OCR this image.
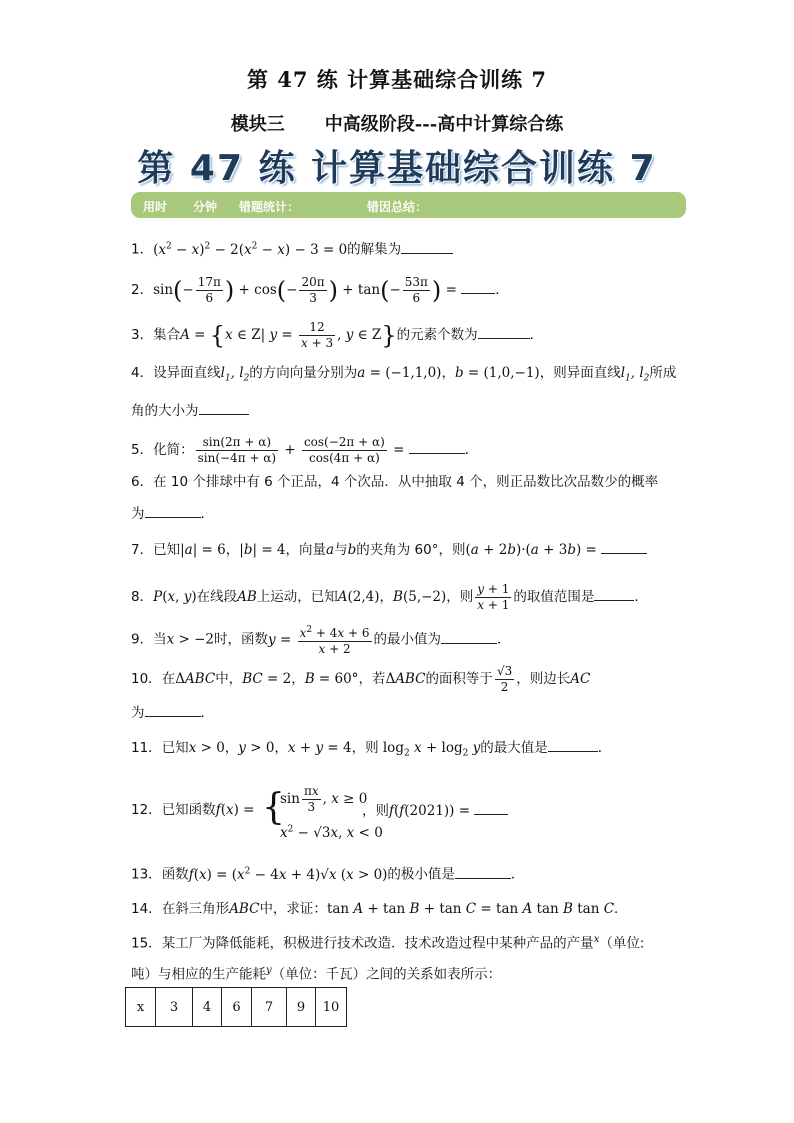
第 47 练 计算基础综合训练 7
模块三 中高级阶段---高中计算综合练
第 47 练 计算基础综合训练 7
用时 分钟 错题统计：	错因总结：
1．$(x^2 - x)^2 - 2(x^2 - x) - 3 = 0$的解集为
2．$\sin(- \frac{17\pi}{6}$ ) + $\cos(- \frac{20\pi}{3}$ ) + $\tan(- \frac{53\pi}{6}$ ) =	．
3．集合A = {x ∈ Z| $y = \frac{12}{x + 3}$ , y ∈ Z}的元素个数为	．
4．设异面直线$l_1$, $l_2$的方向向量分别为a = (−1,1,0)，b = (1,0,−1)，则异面直线$l_1$, $l_2$所成
角的大小为
5．化简： $\frac{\sin(2\pi + \alpha)}{\sin(-4\pi + \alpha)} + \frac{\cos(-2\pi + \alpha)}{\cos(4\pi + \alpha)}$ =	．
6．在 10 个排球中有 6 个正品，4 个次品．从中抽取 4 个，则正品数比次品数少的概率
为	．
7．已知|a| = 6，|b| = 4，向量a与b的夹角为 60°，则(a + 2b)·(a + 3b) =
8．P(x, y)在线段AB上运动，已知A(2,4)，B(5,−2)，则 $\frac{y + 1}{x + 1}$ 的取值范围是	．
9．当x > −2时，函数$y = \frac{x^2 + 4x + 6}{x + 2}$ 的最小值为	．
10．在ΔABC中，BC = 2，B = 60°，若ΔABC的面积等于 $\frac{√3}{2}$ ，则边长AC
为	．
11．已知x > 0，y > 0，x + y = 4，则 $\log_2 x + \log_2 y$的最大值是	．
12．已知函数f(x) = {
$\sin \frac{\pi x}{3}$ , x ≥ 0
$x^2 - √3x$, x < 0
，则f(f(2021)) =
13．函数$f(x) = (x^2 - 4x + 4)√x$ (x > 0)的极小值是	．
14．在斜三角形ABC中，求证：tan A + tan B + tan C = tan A tan B tan C．
15．某工厂为降低能耗，积极进行技术改造．技术改造过程中某种产品的产量$^x$（单位:
吨）与相应的生产能耗$^y$（单位：千瓦）之间的关系如表所示：
x	3	4	6	7	9	10
